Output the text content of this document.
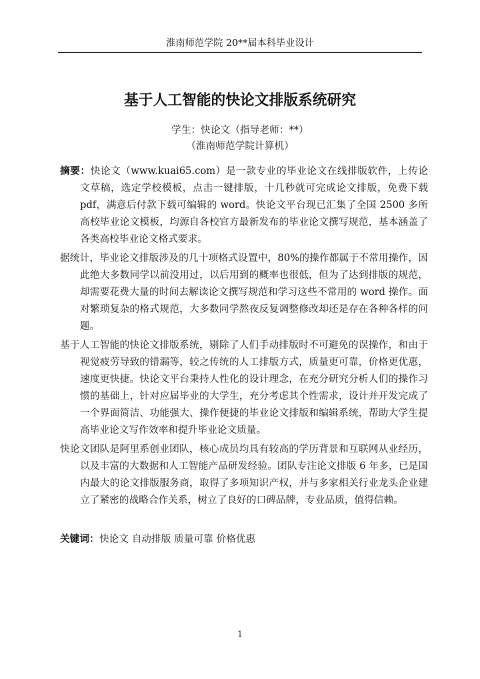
淮南师范学院 20**届本科毕业设计
基于人工智能的快论文排版系统研究
学生：快论文（指导老师：**）
（淮南师范学院计算机）

摘要：快论文（www.kuai65.com）是一款专业的毕业论文在线排版软件，上传论文草稿，选定学校模板，点击一键排版，十几秒就可完成论文排版，免费下载 pdf，满意后付款下载可编辑的 word。快论文平台现已汇集了全国 2500 多所高校毕业论文模板，均源自各校官方最新发布的毕业论文撰写规范，基本涵盖了各类高校毕业论文格式要求。

据统计，毕业论文排版涉及的几十项格式设置中，80%的操作都属于不常用操作，因此绝大多数同学以前没用过，以后用到的概率也很低，但为了达到排版的规范，却需要花费大量的时间去解读论文撰写规范和学习这些不常用的 word 操作。面对繁琐复杂的格式规范，大多数同学熬夜反复调整修改却还是存在各种各样的问题。

基于人工智能的快论文排版系统，剔除了人们手动排版时不可避免的误操作，和由于视觉疲劳导致的错漏等，较之传统的人工排版方式，质量更可靠，价格更优惠，速度更快捷。快论文平台秉持人性化的设计理念，在充分研究分析人们的操作习惯的基础上，针对应届毕业的大学生，充分考虑其个性需求，设计并开发完成了一个界面简洁、功能强大、操作便捷的毕业论文排版和编辑系统，帮助大学生提高毕业论文写作效率和提升毕业论文质量。

快论文团队是阿里系创业团队，核心成员均具有较高的学历背景和互联网从业经历，以及丰富的大数据和人工智能产品研发经验。团队专注论文排版 6 年多，已是国内最大的论文排版服务商，取得了多项知识产权，并与多家相关行业龙头企业建立了紧密的战略合作关系，树立了良好的口碑品牌，专业品质，值得信赖。

关键词：快论文 自动排版 质量可靠 价格优惠
1
